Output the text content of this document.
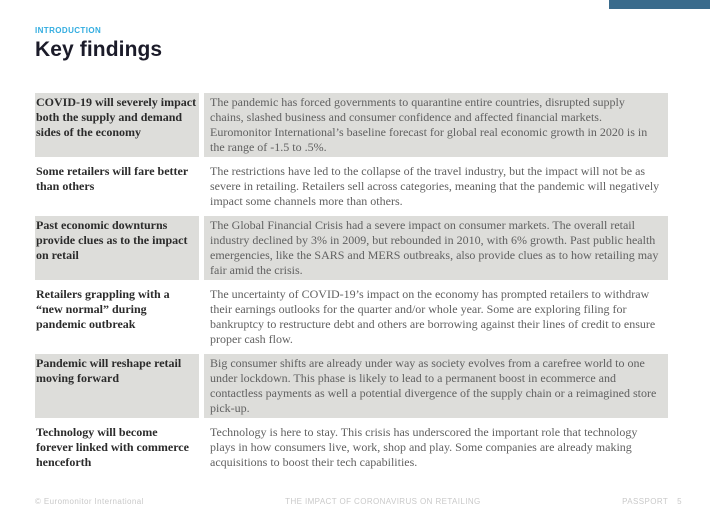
INTRODUCTION
Key findings
COVID-19 will severely impact both the supply and demand sides of the economy
The pandemic has forced governments to quarantine entire countries, disrupted supply chains, slashed business and consumer confidence and affected financial markets. Euromonitor International’s baseline forecast for global real economic growth in 2020 is in the range of -1.5 to .5%.
Some retailers will fare better than others
The restrictions have led to the collapse of the travel industry, but the impact will not be as severe in retailing. Retailers sell across categories, meaning that the pandemic will negatively impact some channels more than others.
Past economic downturns provide clues as to the impact on retail
The Global Financial Crisis had a severe impact on consumer markets. The overall retail industry declined by 3% in 2009, but rebounded in 2010, with 6% growth. Past public health emergencies, like the SARS and MERS outbreaks, also provide clues as to how retailing may fair amid the crisis.
Retailers grappling with a “new normal” during pandemic outbreak
The uncertainty of COVID-19’s impact on the economy has prompted retailers to withdraw their earnings outlooks for the quarter and/or whole year. Some are exploring filing for bankruptcy to restructure debt and others are borrowing against their lines of credit to ensure proper cash flow.
Pandemic will reshape retail moving forward
Big consumer shifts are already under way as society evolves from a carefree world to one under lockdown. This phase is likely to lead to a permanent boost in ecommerce and contactless payments as well a potential divergence of the supply chain or a reimagined store pick-up.
Technology will become forever linked with commerce henceforth
Technology is here to stay. This crisis has underscored the important role that technology plays in how consumers live, work, shop and play. Some companies are already making acquisitions to boost their tech capabilities.
© Euromonitor International	THE IMPACT OF CORONAVIRUS ON RETAILING	PASSPORT 5
